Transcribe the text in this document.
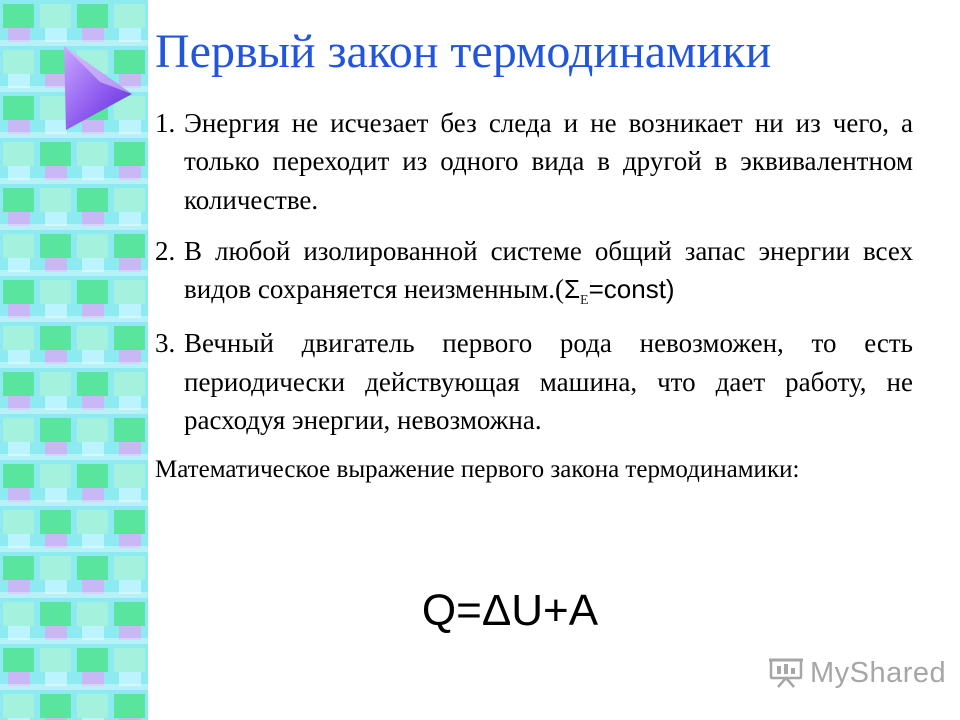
Первый закон термодинамики

1. Энергия не исчезает без следа и не возникает ни из чего, а только переходит из одного вида в другой в эквивалентном количестве.

2. В любой изолированной системе общий запас энергии всех видов сохраняется $неизменным.(\Sigma_E=const)$

3. Вечный двигатель первого рода невозможен, то есть периодически действующая машина, что дает работу, не расходуя энергии, невозможна.

Математическое выражение первого закона термодинамики:

Q=ΔU+A
MyShared
